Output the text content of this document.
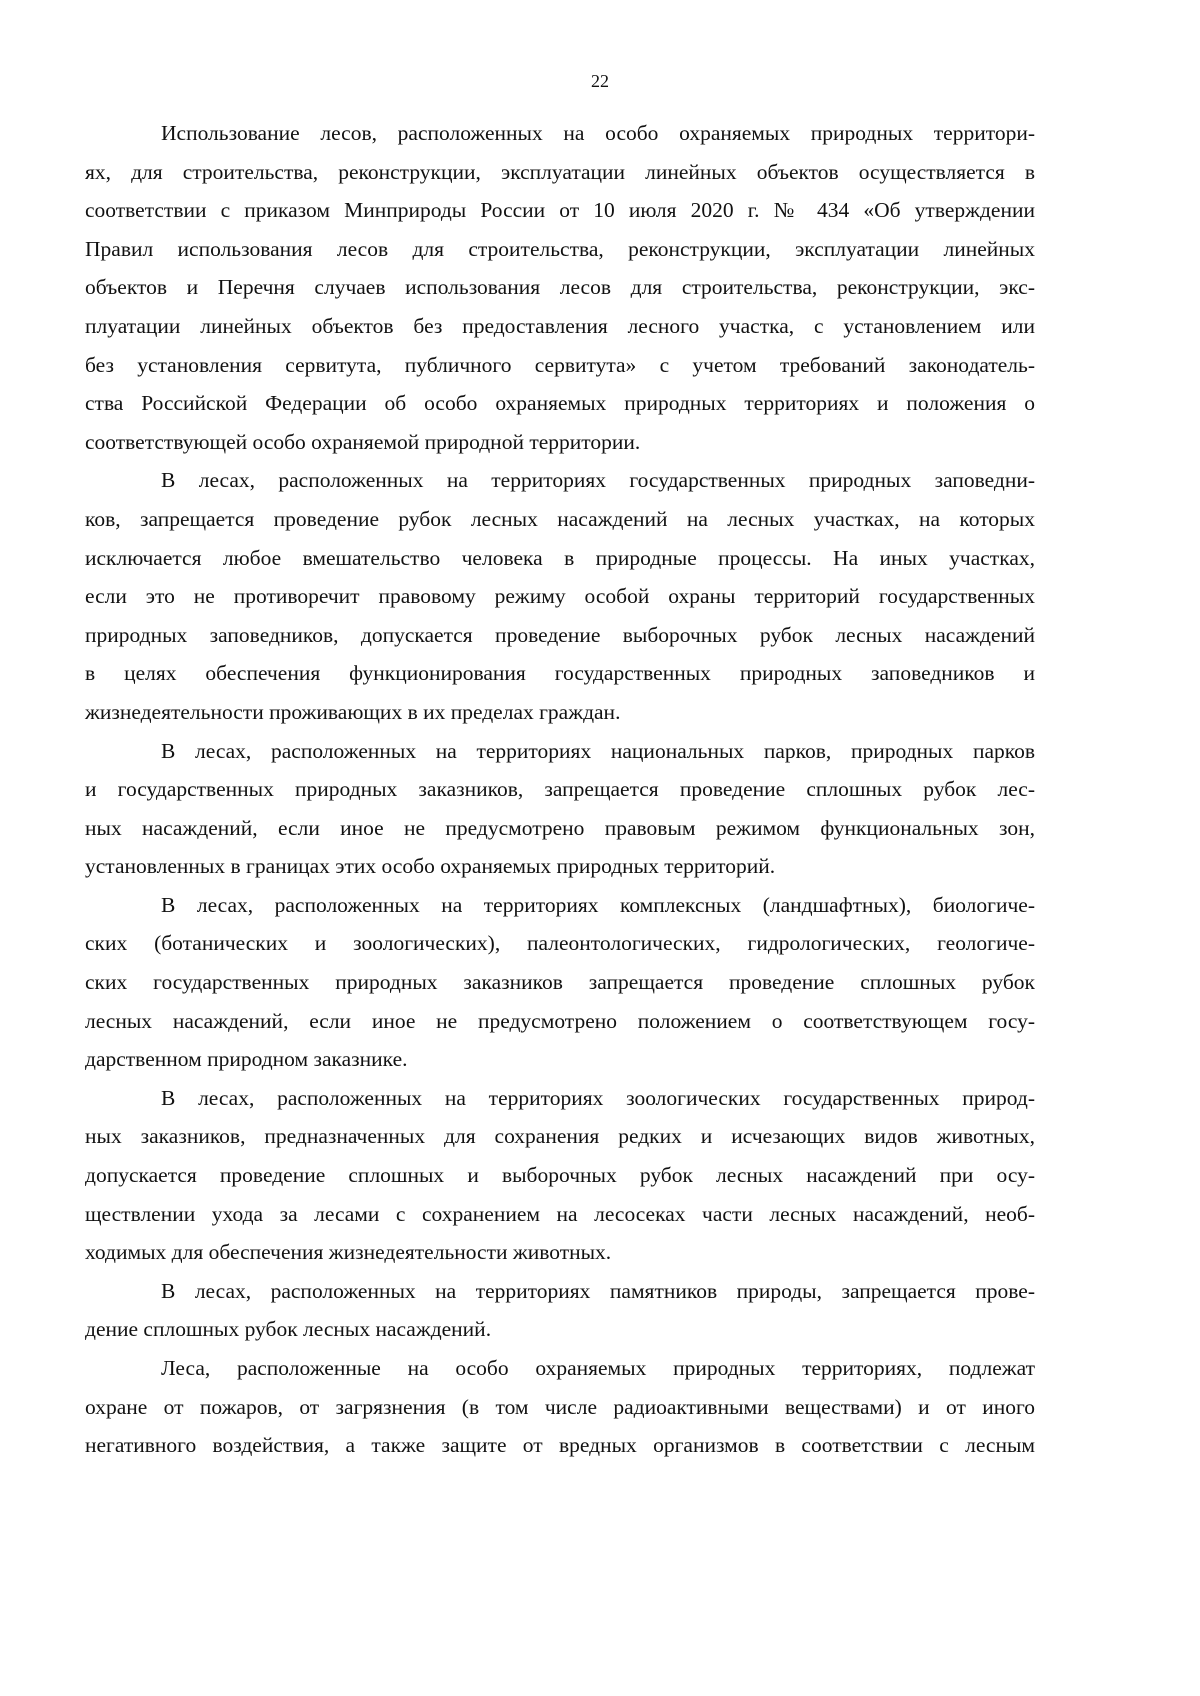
22

Использование лесов, расположенных на особо охраняемых природных территори-
ях, для строительства, реконструкции, эксплуатации линейных объектов осуществляется в
соответствии с приказом Минприроды России от 10 июля 2020 г. № 434 «Об утверждении
Правил использования лесов для строительства, реконструкции, эксплуатации линейных
объектов и Перечня случаев использования лесов для строительства, реконструкции, экс-
плуатации линейных объектов без предоставления лесного участка, с установлением или
без установления сервитута, публичного сервитута» с учетом требований законодатель-
ства Российской Федерации об особо охраняемых природных территориях и положения о
соответствующей особо охраняемой природной территории.

В лесах, расположенных на территориях государственных природных заповедни-
ков, запрещается проведение рубок лесных насаждений на лесных участках, на которых
исключается любое вмешательство человека в природные процессы. На иных участках,
если это не противоречит правовому режиму особой охраны территорий государственных
природных заповедников, допускается проведение выборочных рубок лесных насаждений
в целях обеспечения функционирования государственных природных заповедников и
жизнедеятельности проживающих в их пределах граждан.

В лесах, расположенных на территориях национальных парков, природных парков
и государственных природных заказников, запрещается проведение сплошных рубок лес-
ных насаждений, если иное не предусмотрено правовым режимом функциональных зон,
установленных в границах этих особо охраняемых природных территорий.

В лесах, расположенных на территориях комплексных (ландшафтных), биологиче-
ских (ботанических и зоологических), палеонтологических, гидрологических, геологиче-
ских государственных природных заказников запрещается проведение сплошных рубок
лесных насаждений, если иное не предусмотрено положением о соответствующем госу-
дарственном природном заказнике.

В лесах, расположенных на территориях зоологических государственных природ-
ных заказников, предназначенных для сохранения редких и исчезающих видов животных,
допускается проведение сплошных и выборочных рубок лесных насаждений при осу-
ществлении ухода за лесами с сохранением на лесосеках части лесных насаждений, необ-
ходимых для обеспечения жизнедеятельности животных.

В лесах, расположенных на территориях памятников природы, запрещается прове-
дение сплошных рубок лесных насаждений.

Леса, расположенные на особо охраняемых природных территориях, подлежат
охране от пожаров, от загрязнения (в том числе радиоактивными веществами) и от иного
негативного воздействия, а также защите от вредных организмов в соответствии с лесным
